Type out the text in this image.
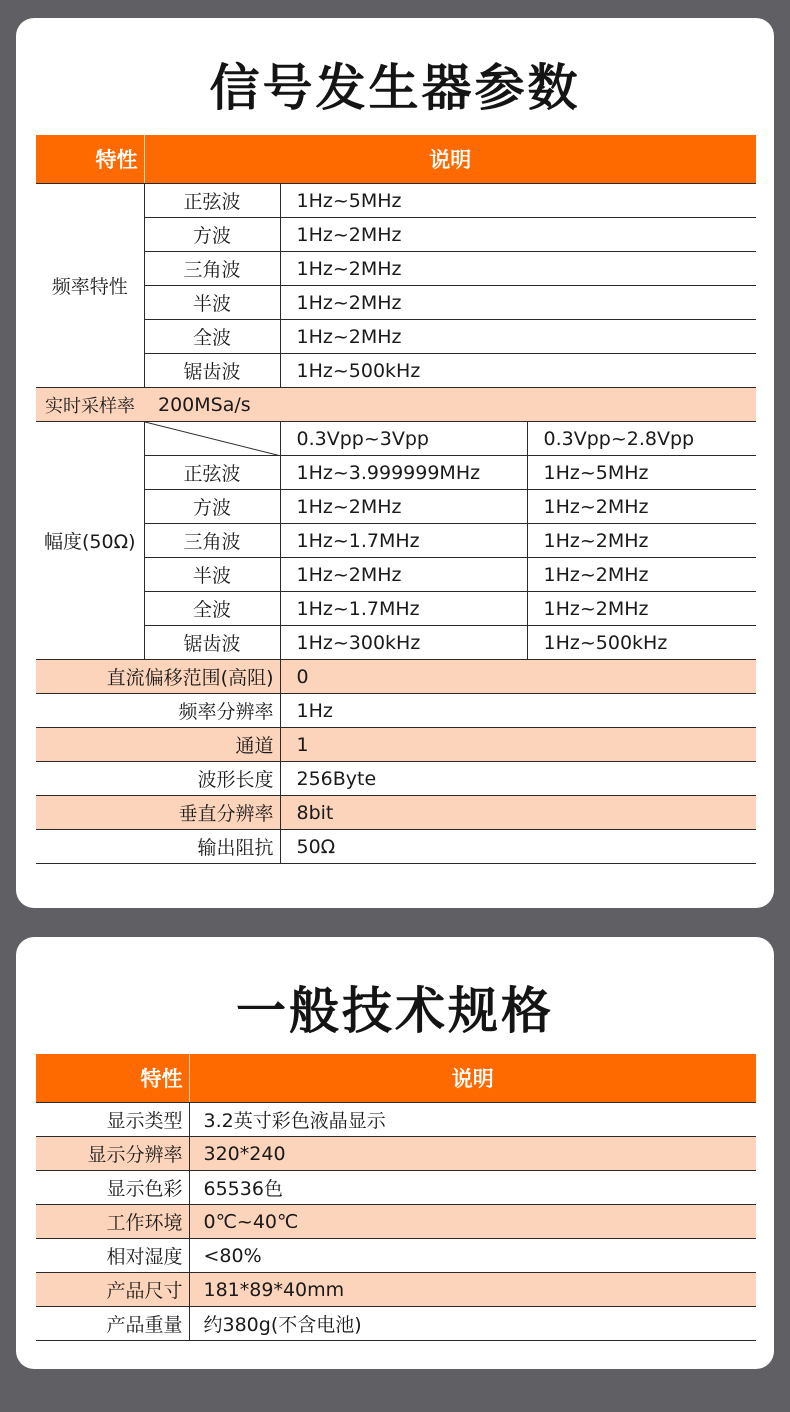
信号发生器参数
特性	说明		
频率特性	正弦波	1Hz~5MHz	
	方波	1Hz~2MHz	
	三角波	1Hz~2MHz	
	半波	1Hz~2MHz	
	全波	1Hz~2MHz	
	锯齿波	1Hz~500kHz	
实时采样率	200MSa/s		
幅度(50Ω)		0.3Vpp~3Vpp	0.3Vpp~2.8Vpp
	正弦波	1Hz~3.999999MHz	1Hz~5MHz
	方波	1Hz~2MHz	1Hz~2MHz
	三角波	1Hz~1.7MHz	1Hz~2MHz
	半波	1Hz~2MHz	1Hz~2MHz
	全波	1Hz~1.7MHz	1Hz~2MHz
	锯齿波	1Hz~300kHz	1Hz~500kHz
直流偏移范围(高阻)		0	
频率分辨率		1Hz	
通道		1	
波形长度		256Byte	
垂直分辨率		8bit	
输出阻抗		50Ω	
一般技术规格
特性	说明
显示类型	3.2英寸彩色液晶显示
显示分辨率	320*240
显示色彩	65536色
工作环境	0℃~40℃
相对湿度	<80%
产品尺寸	181*89*40mm
产品重量	约380g(不含电池)
